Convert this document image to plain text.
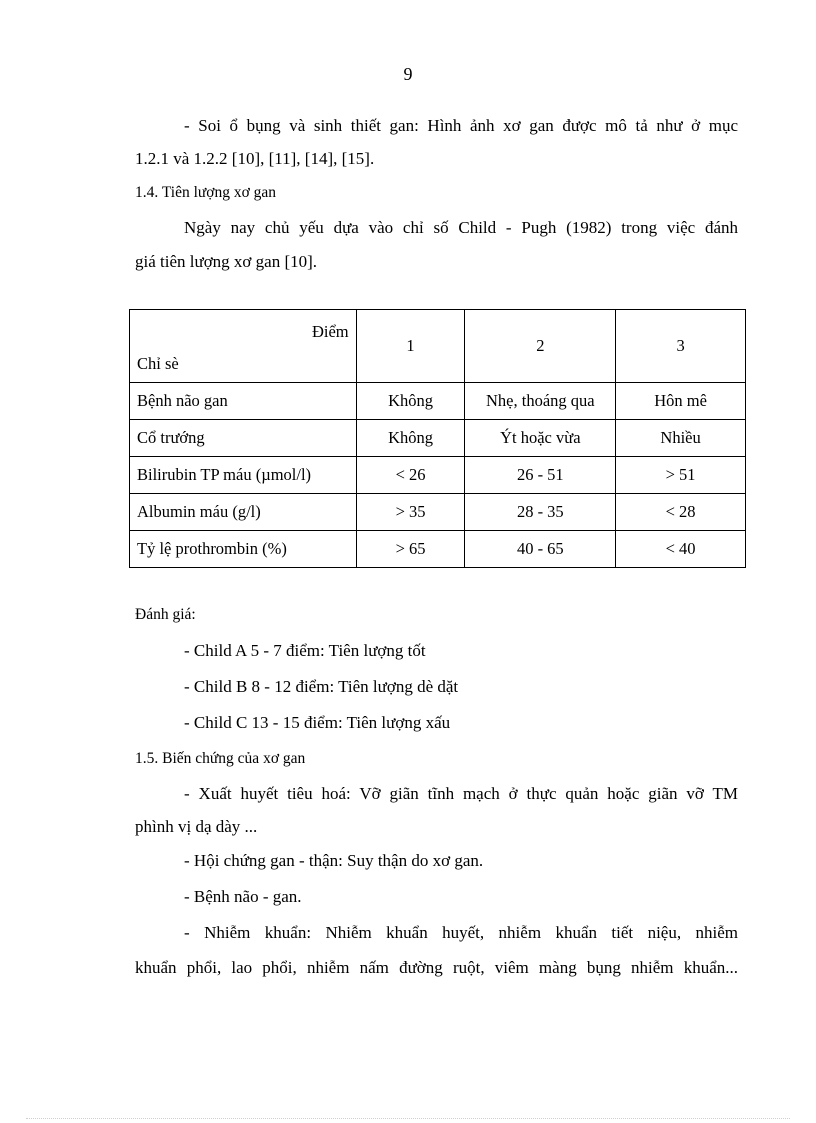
9
- Soi ổ bụng và sinh thiết gan: Hình ảnh xơ gan được mô tả như ở mục
1.2.1 và 1.2.2 [10], [11], [14], [15].
1.4. Tiên lượng xơ gan
Ngày nay chủ yếu dựa vào chỉ số Child - Pugh (1982) trong việc đánh
giá tiên lượng xơ gan [10].
Điểm
Chỉ sè	1	2	3
Bệnh não gan	Không	Nhẹ, thoáng qua	Hôn mê
Cổ trướng	Không	Ýt hoặc vừa	Nhiều
Bilirubin TP máu (µmol/l)	< 26	26 - 51	> 51
Albumin máu (g/l)	> 35	28 - 35	< 28
Tỷ lệ prothrombin (%)	> 65	40 - 65	< 40
Đánh giá:
- Child A 5 - 7 điểm: Tiên lượng tốt
- Child B 8 - 12 điểm: Tiên lượng dè dặt
- Child C 13 - 15 điểm: Tiên lượng xấu
1.5. Biến chứng của xơ gan
- Xuất huyết tiêu hoá: Vỡ giãn tĩnh mạch ở thực quản hoặc giãn vỡ TM
phình vị dạ dày ...
- Hội chứng gan - thận: Suy thận do xơ gan.
- Bệnh não - gan.
- Nhiễm khuẩn: Nhiễm khuẩn huyết, nhiễm khuẩn tiết niệu, nhiễm
khuẩn phổi, lao phổi, nhiễm nấm đường ruột, viêm màng bụng nhiễm khuẩn...
